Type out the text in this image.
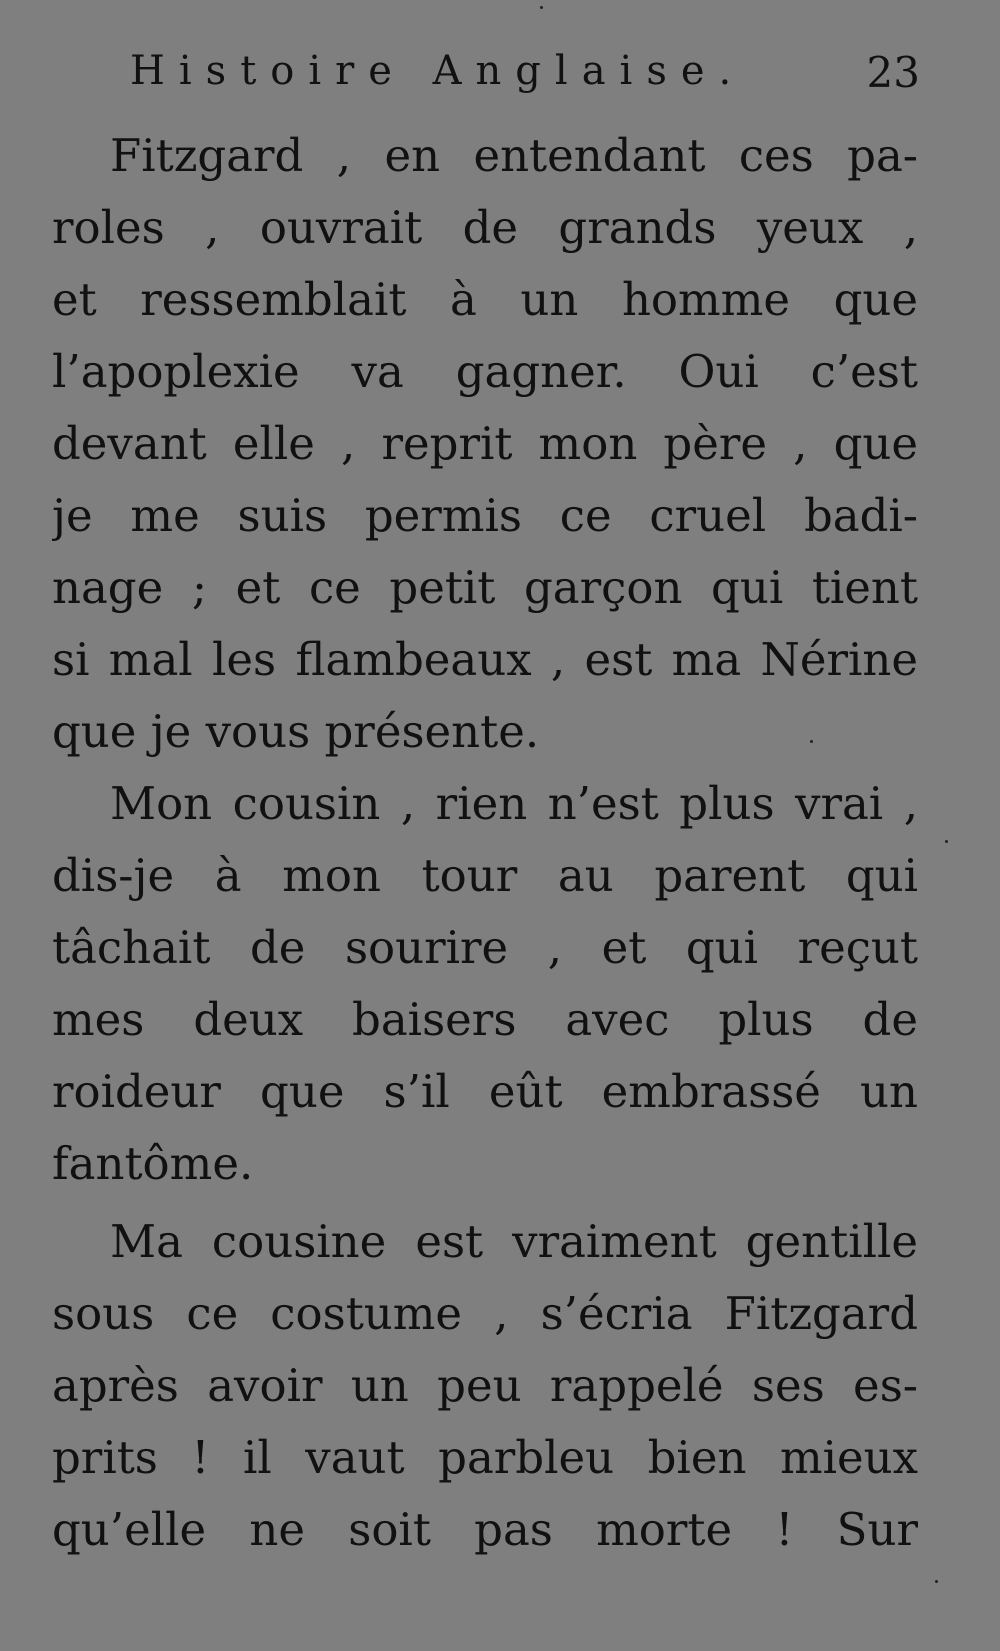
Histoire Anglaise.	23
Fitzgard , en entendant ces pa-
roles , ouvrait de grands yeux ,
et ressemblait à un homme que
l’apoplexie va gagner. Oui c’est
devant elle , reprit mon père , que
je me suis permis ce cruel badi-
nage ; et ce petit garçon qui tient
si mal les flambeaux , est ma Nérine
que je vous présente.
Mon cousin , rien n’est plus vrai ,
dis-je à mon tour au parent qui
tâchait de sourire , et qui reçut
mes deux baisers avec plus de
roideur que s’il eût embrassé un
fantôme.
Ma cousine est vraiment gentille
sous ce costume , s’écria Fitzgard
après avoir un peu rappelé ses es-
prits ! il vaut parbleu bien mieux
qu’elle ne soit pas morte ! Sur
